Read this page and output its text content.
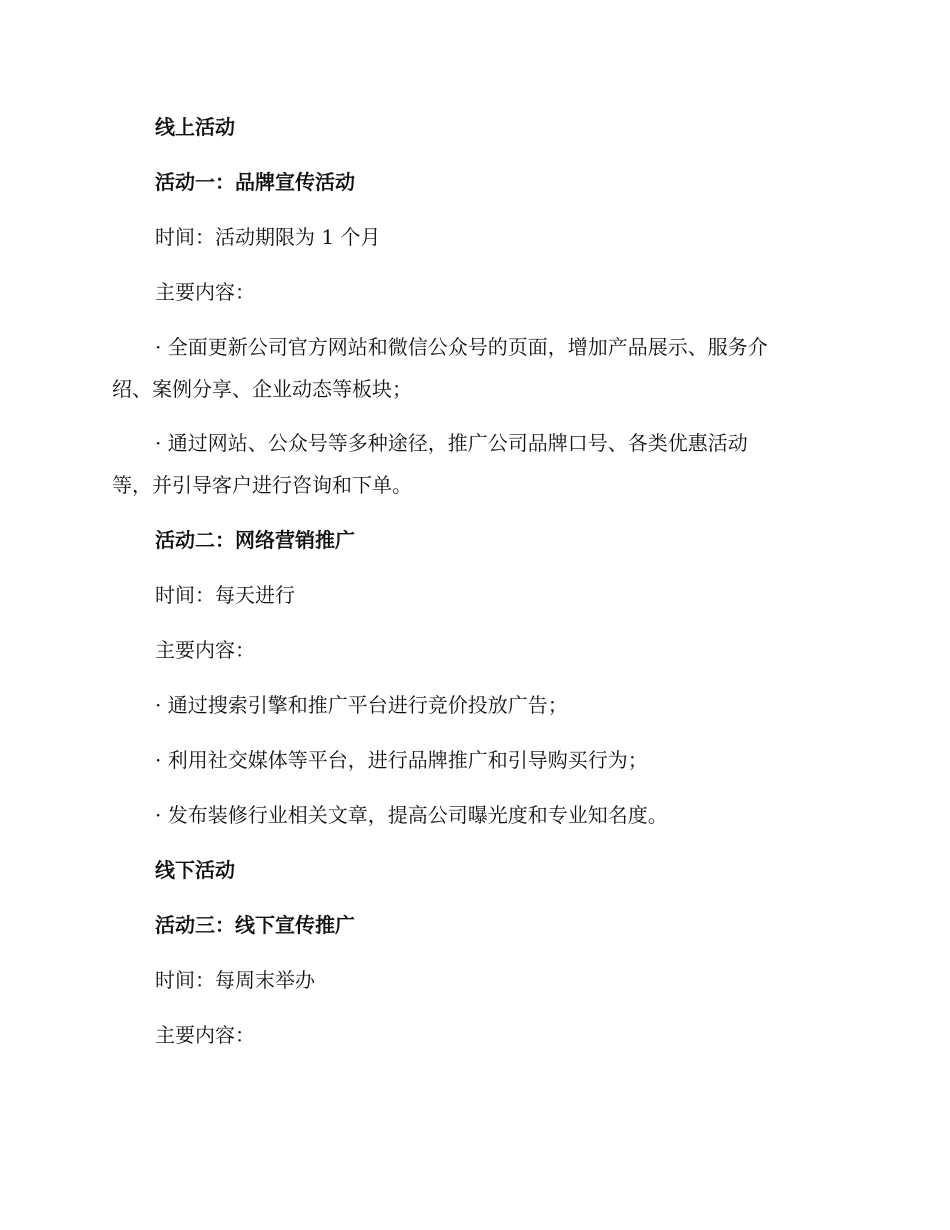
线上活动

活动一：品牌宣传活动

时间：活动期限为 1 个月

主要内容：

· 全面更新公司官方网站和微信公众号的页面，增加产品展示、服务介

绍、案例分享、企业动态等板块；

· 通过网站、公众号等多种途径，推广公司品牌口号、各类优惠活动

等，并引导客户进行咨询和下单。

活动二：网络营销推广

时间：每天进行

主要内容：

· 通过搜索引擎和推广平台进行竞价投放广告；

· 利用社交媒体等平台，进行品牌推广和引导购买行为；

· 发布装修行业相关文章，提高公司曝光度和专业知名度。

线下活动

活动三：线下宣传推广

时间：每周末举办

主要内容：
